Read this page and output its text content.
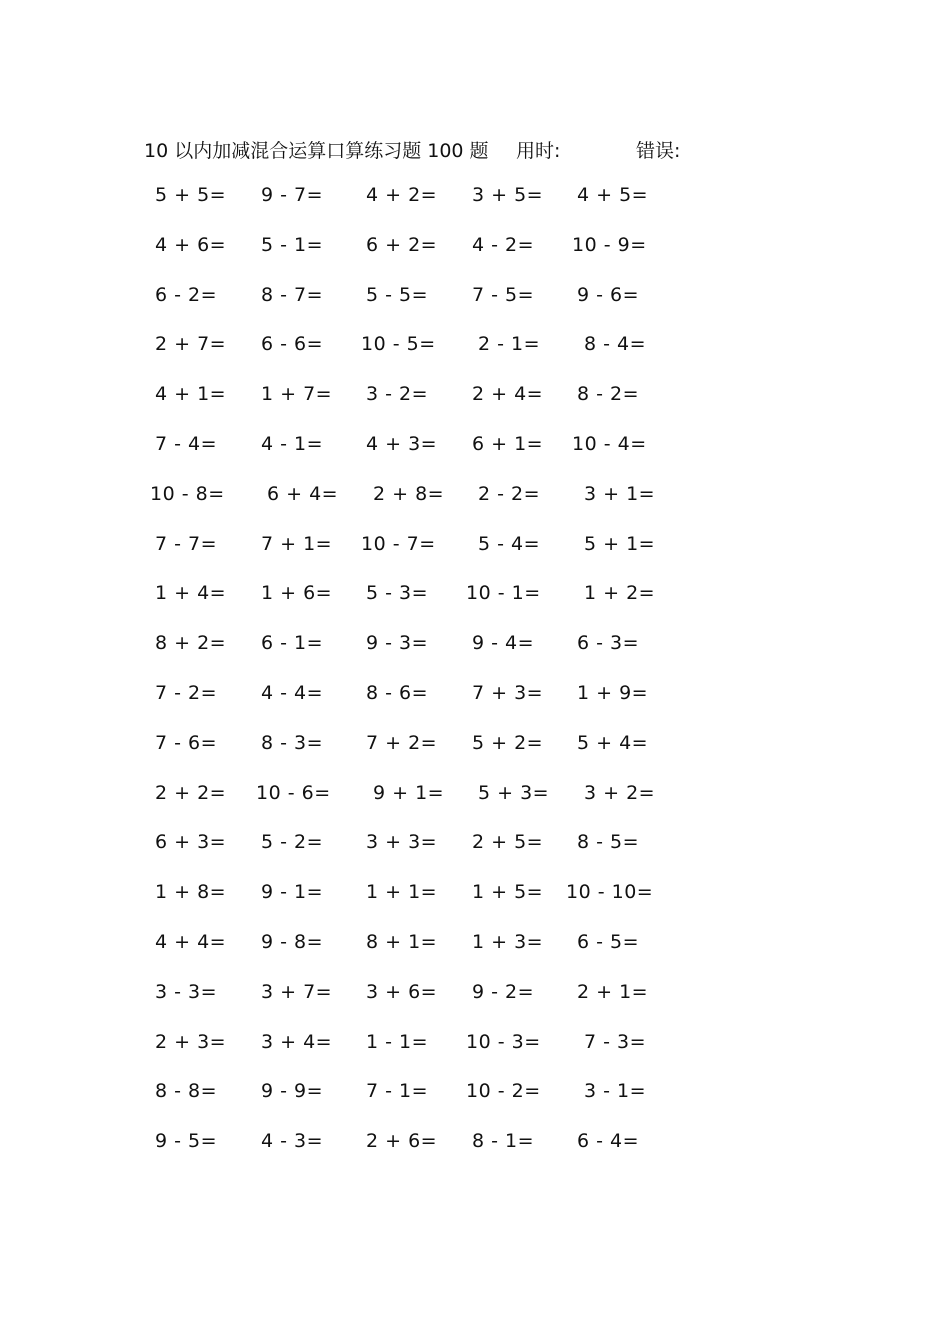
10 以内加减混合运算口算练习题 100 题 用时:	错误:
5 + 5= 9 - 7= 4 + 2= 3 + 5= 4 + 5=
4 + 6= 5 - 1= 6 + 2= 4 - 2= 10 - 9=
6 - 2= 8 - 7= 5 - 5= 7 - 5= 9 - 6=
2 + 7= 6 - 6= 10 - 5= 2 - 1= 8 - 4=
4 + 1= 1 + 7= 3 - 2= 2 + 4= 8 - 2=
7 - 4= 4 - 1= 4 + 3= 6 + 1= 10 - 4=
10 - 8= 6 + 4= 2 + 8= 2 - 2= 3 + 1=
7 - 7= 7 + 1= 10 - 7= 5 - 4= 5 + 1=
1 + 4= 1 + 6= 5 - 3= 10 - 1= 1 + 2=
8 + 2= 6 - 1= 9 - 3= 9 - 4= 6 - 3=
7 - 2= 4 - 4= 8 - 6= 7 + 3= 1 + 9=
7 - 6= 8 - 3= 7 + 2= 5 + 2= 5 + 4=
2 + 2= 10 - 6= 9 + 1= 5 + 3= 3 + 2=
6 + 3= 5 - 2= 3 + 3= 2 + 5= 8 - 5=
1 + 8= 9 - 1= 1 + 1= 1 + 5= 10 - 10=
4 + 4= 9 - 8= 8 + 1= 1 + 3= 6 - 5=
3 - 3= 3 + 7= 3 + 6= 9 - 2= 2 + 1=
2 + 3= 3 + 4= 1 - 1= 10 - 3= 7 - 3=
8 - 8= 9 - 9= 7 - 1= 10 - 2= 3 - 1=
9 - 5= 4 - 3= 2 + 6= 8 - 1= 6 - 4=
